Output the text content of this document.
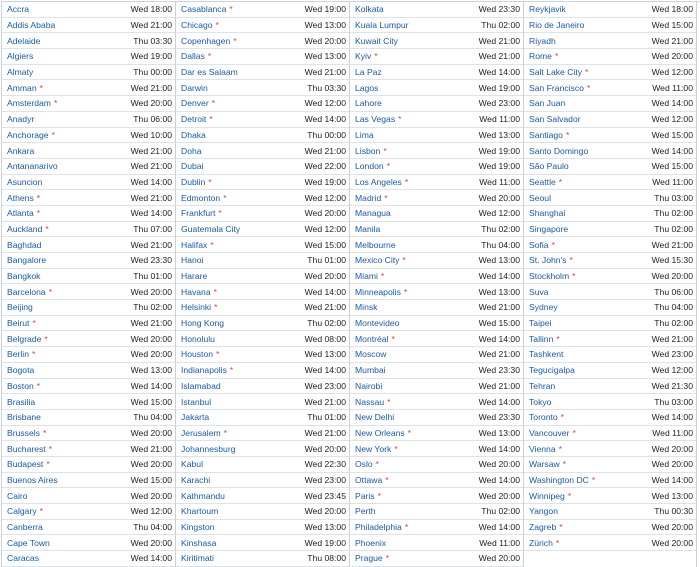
Accra	Wed 18:00
Addis Ababa	Wed 21:00
Adelaide	Thu 03:30
Algiers	Wed 19:00
Almaty	Thu 00:00
Amman *	Wed 21:00
Amsterdam *	Wed 20:00
Anadyr	Thu 06:00
Anchorage *	Wed 10:00
Ankara	Wed 21:00
Antananarivo	Wed 21:00
Asuncion	Wed 14:00
Athens *	Wed 21:00
Atlanta *	Wed 14:00
Auckland *	Thu 07:00
Baghdad	Wed 21:00
Bangalore	Wed 23:30
Bangkok	Thu 01:00
Barcelona *	Wed 20:00
Beijing	Thu 02:00
Beirut *	Wed 21:00
Belgrade *	Wed 20:00
Berlin *	Wed 20:00
Bogota	Wed 13:00
Boston *	Wed 14:00
Brasilia	Wed 15:00
Brisbane	Thu 04:00
Brussels *	Wed 20:00
Bucharest *	Wed 21:00
Budapest *	Wed 20:00
Buenos Aires	Wed 15:00
Cairo	Wed 20:00
Calgary *	Wed 12:00
Canberra	Thu 04:00
Cape Town	Wed 20:00
Caracas	Wed 14:00
Casablanca *	Wed 19:00
Chicago *	Wed 13:00
Copenhagen *	Wed 20:00
Dallas *	Wed 13:00
Dar es Salaam	Wed 21:00
Darwin	Thu 03:30
Denver *	Wed 12:00
Detroit *	Wed 14:00
Dhaka	Thu 00:00
Doha	Wed 21:00
Dubai	Wed 22:00
Dublin *	Wed 19:00
Edmonton *	Wed 12:00
Frankfurt *	Wed 20:00
Guatemala City	Wed 12:00
Halifax *	Wed 15:00
Hanoi	Thu 01:00
Harare	Wed 20:00
Havana *	Wed 14:00
Helsinki *	Wed 21:00
Hong Kong	Thu 02:00
Honolulu	Wed 08:00
Houston *	Wed 13:00
Indianapolis *	Wed 14:00
Islamabad	Wed 23:00
Istanbul	Wed 21:00
Jakarta	Thu 01:00
Jerusalem *	Wed 21:00
Johannesburg	Wed 20:00
Kabul	Wed 22:30
Karachi	Wed 23:00
Kathmandu	Wed 23:45
Khartoum	Wed 20:00
Kingston	Wed 13:00
Kinshasa	Wed 19:00
Kiritimati	Thu 08:00
Kolkata	Wed 23:30
Kuala Lumpur	Thu 02:00
Kuwait City	Wed 21:00
Kyiv *	Wed 21:00
La Paz	Wed 14:00
Lagos	Wed 19:00
Lahore	Wed 23:00
Las Vegas *	Wed 11:00
Lima	Wed 13:00
Lisbon *	Wed 19:00
London *	Wed 19:00
Los Angeles *	Wed 11:00
Madrid *	Wed 20:00
Managua	Wed 12:00
Manila	Thu 02:00
Melbourne	Thu 04:00
Mexico City *	Wed 13:00
Miami *	Wed 14:00
Minneapolis *	Wed 13:00
Minsk	Wed 21:00
Montevideo	Wed 15:00
Montréal *	Wed 14:00
Moscow	Wed 21:00
Mumbai	Wed 23:30
Nairobi	Wed 21:00
Nassau *	Wed 14:00
New Delhi	Wed 23:30
New Orleans *	Wed 13:00
New York *	Wed 14:00
Oslo *	Wed 20:00
Ottawa *	Wed 14:00
Paris *	Wed 20:00
Perth	Thu 02:00
Philadelphia *	Wed 14:00
Phoenix	Wed 11:00
Prague *	Wed 20:00
Reykjavik	Wed 18:00
Rio de Janeiro	Wed 15:00
Riyadh	Wed 21:00
Rome *	Wed 20:00
Salt Lake City *	Wed 12:00
San Francisco *	Wed 11:00
San Juan	Wed 14:00
San Salvador	Wed 12:00
Santiago *	Wed 15:00
Santo Domingo	Wed 14:00
São Paulo	Wed 15:00
Seattle *	Wed 11:00
Seoul	Thu 03:00
Shanghai	Thu 02:00
Singapore	Thu 02:00
Sofia *	Wed 21:00
St. John's *	Wed 15:30
Stockholm *	Wed 20:00
Suva	Thu 06:00
Sydney	Thu 04:00
Taipei	Thu 02:00
Tallinn *	Wed 21:00
Tashkent	Wed 23:00
Tegucigalpa	Wed 12:00
Tehran	Wed 21:30
Tokyo	Thu 03:00
Toronto *	Wed 14:00
Vancouver *	Wed 11:00
Vienna *	Wed 20:00
Warsaw *	Wed 20:00
Washington DC *	Wed 14:00
Winnipeg *	Wed 13:00
Yangon	Thu 00:30
Zagreb *	Wed 20:00
Zürich *	Wed 20:00
